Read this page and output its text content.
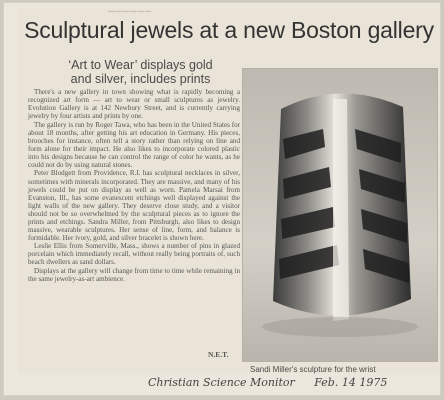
──────
Sculptural jewels at a new Boston gallery
‘Art to Wear’ displays gold
and silver, includes prints

There's a new gallery in town showing what is rapidly becoming a recognized art form — art to wear or small sculptures as jewelry. Evolution Gallery is at 142 Newbury Street, and is currently carrying jewelry by four artists and prints by one.

The gallery is run by Roger Tawa, who has been in the United States for about 18 months, after getting his art education in Germany. His pieces, brooches for instance, often tell a story rather than relying on line and form alone for their impact. He also likes to incorporate colored plastic into his designs because he can control the range of color he wants, as he could not do by using natural stones.

Peter Blodgett from Providence, R.I. has sculptural necklaces in silver, sometimes with minerals incorporated. They are massive, and many of his jewels could be put on display as well as worn. Pamela Marsai from Evanston, Ill., has some evanescent etchings well displayed against the light walls of the new gallery. They deserve close study, and a visitor should not be so overwhelmed by the sculptural pieces as to ignore the prints and etchings. Sandra Miller, from Pittsburgh, also likes to design massive, wearable sculptures. Her sense of line, form, and balance is formidable. Her ivory, gold, and silver bracelet is shown here.

Leslie Ellis from Somerville, Mass., shows a number of pins in glazed porcelain which immediately recall, without really being portraits of, such beach dwellers as sand dollars.

Displays at the gallery will change from time to time while remaining in the same jewelry-as-art ambience.

N.E.T.
Sandi Miller's sculpture for the wrist
Christian Science Monitor Feb. 14 1975
